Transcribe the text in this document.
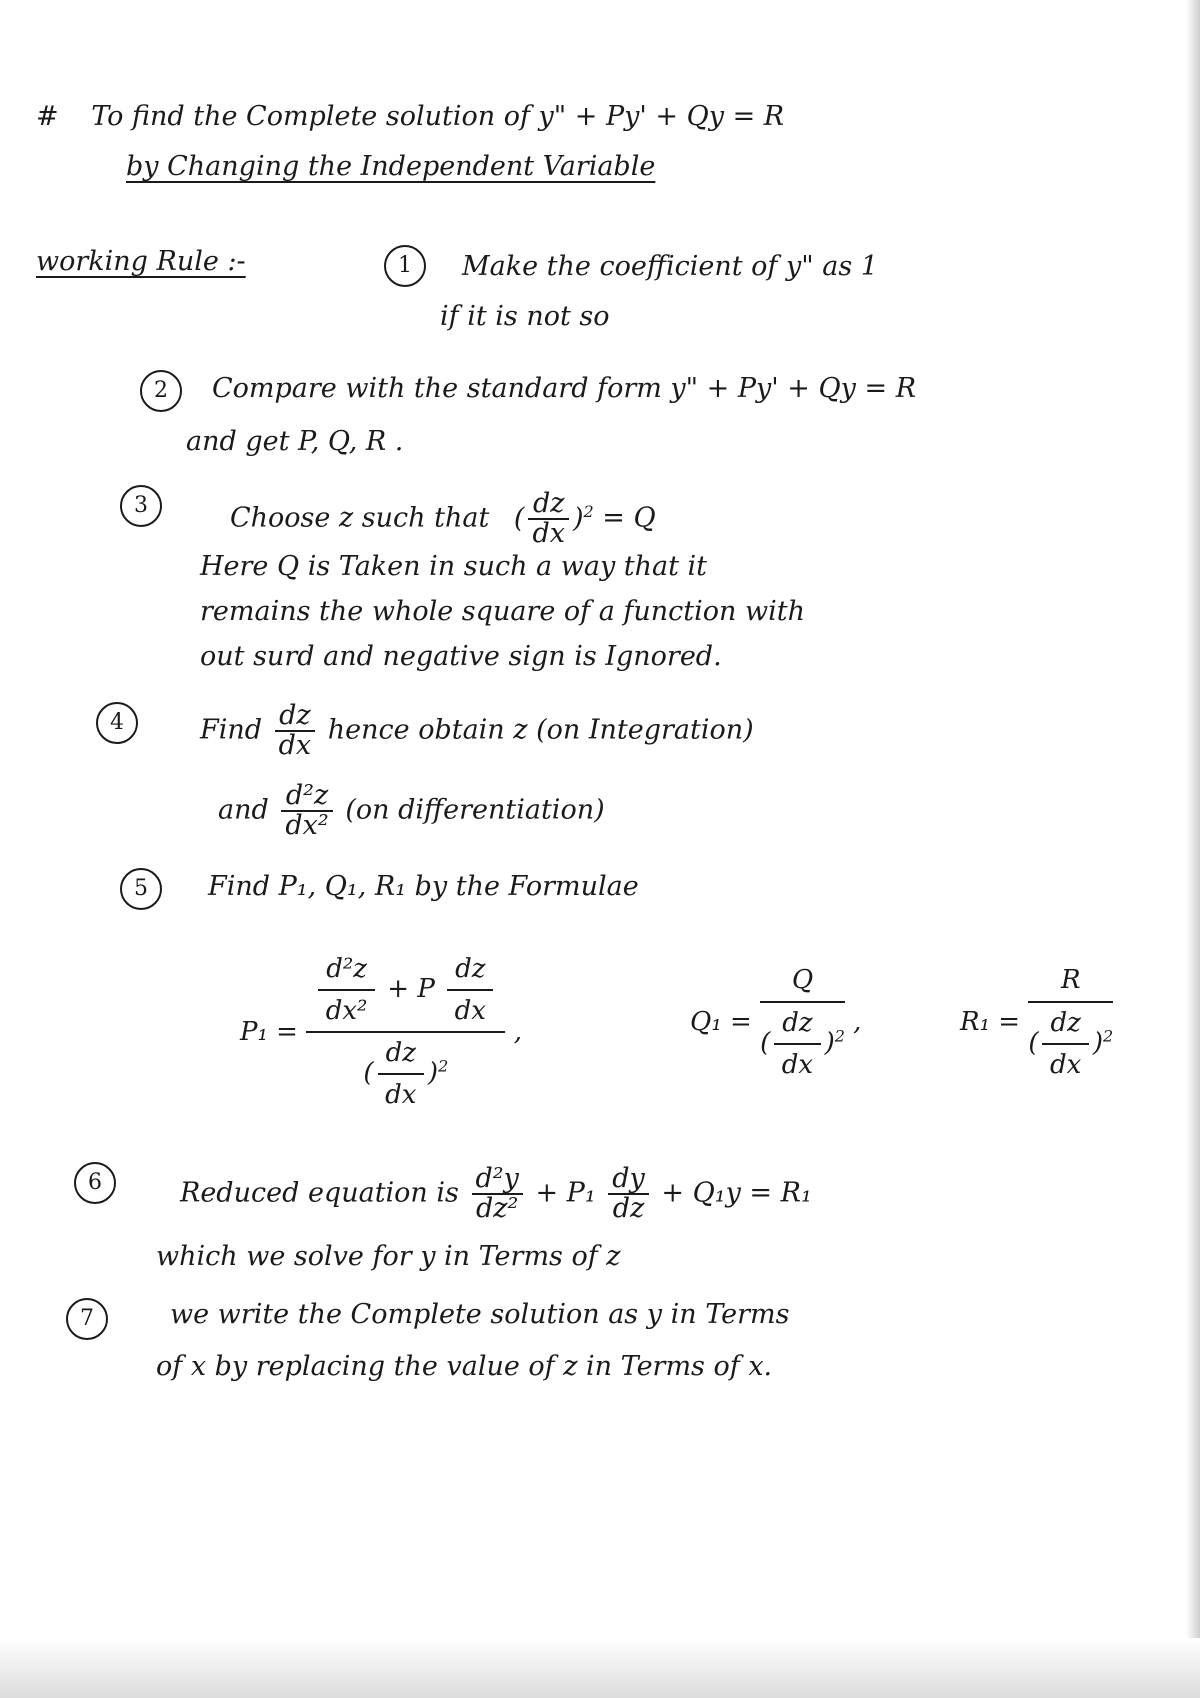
# To find the Complete solution of y" + Py' + Qy = R
by Changing the Independent Variable
working Rule :-	1	Make the coefficient of y" as 1
if it is not so
2	Compare with the standard form y" + Py' + Qy = R
and get P, Q, R .
3	Choose z such that ( $\frac{dz}{dx} )^2 = Q$
Here Q is Taken in such a way that it
remains the whole square of a function with
out surd and negative sign is Ignored.
4	Find $\frac{dz}{dx}$ hence obtain z (on Integration)
and $\frac{\text{d²z}}{\text{dx²}} (on$ differentiation)
5	Find P₁, Q₁, R₁ by the Formulae
$P_1 = \frac{\frac{\text{d²z}}{\text{dx²}} + P \frac{dz}{dx}}{( \frac{dz}{dx} )^2}$ ,	$Q_1 = \frac{Q}{( \frac{dz}{dx} )^2}$ ,	$R_1 = \frac{R}{( \frac{dz}{dx} )^2}$
6	Reduced equation is $\frac{\text{d²y}}{\text{dz²}} + P_1 \frac{dy}{dz} + Q_1y = R_1$
which we solve for y in Terms of z
7	we write the Complete solution as y in Terms
of x by replacing the value of z in Terms of x.
